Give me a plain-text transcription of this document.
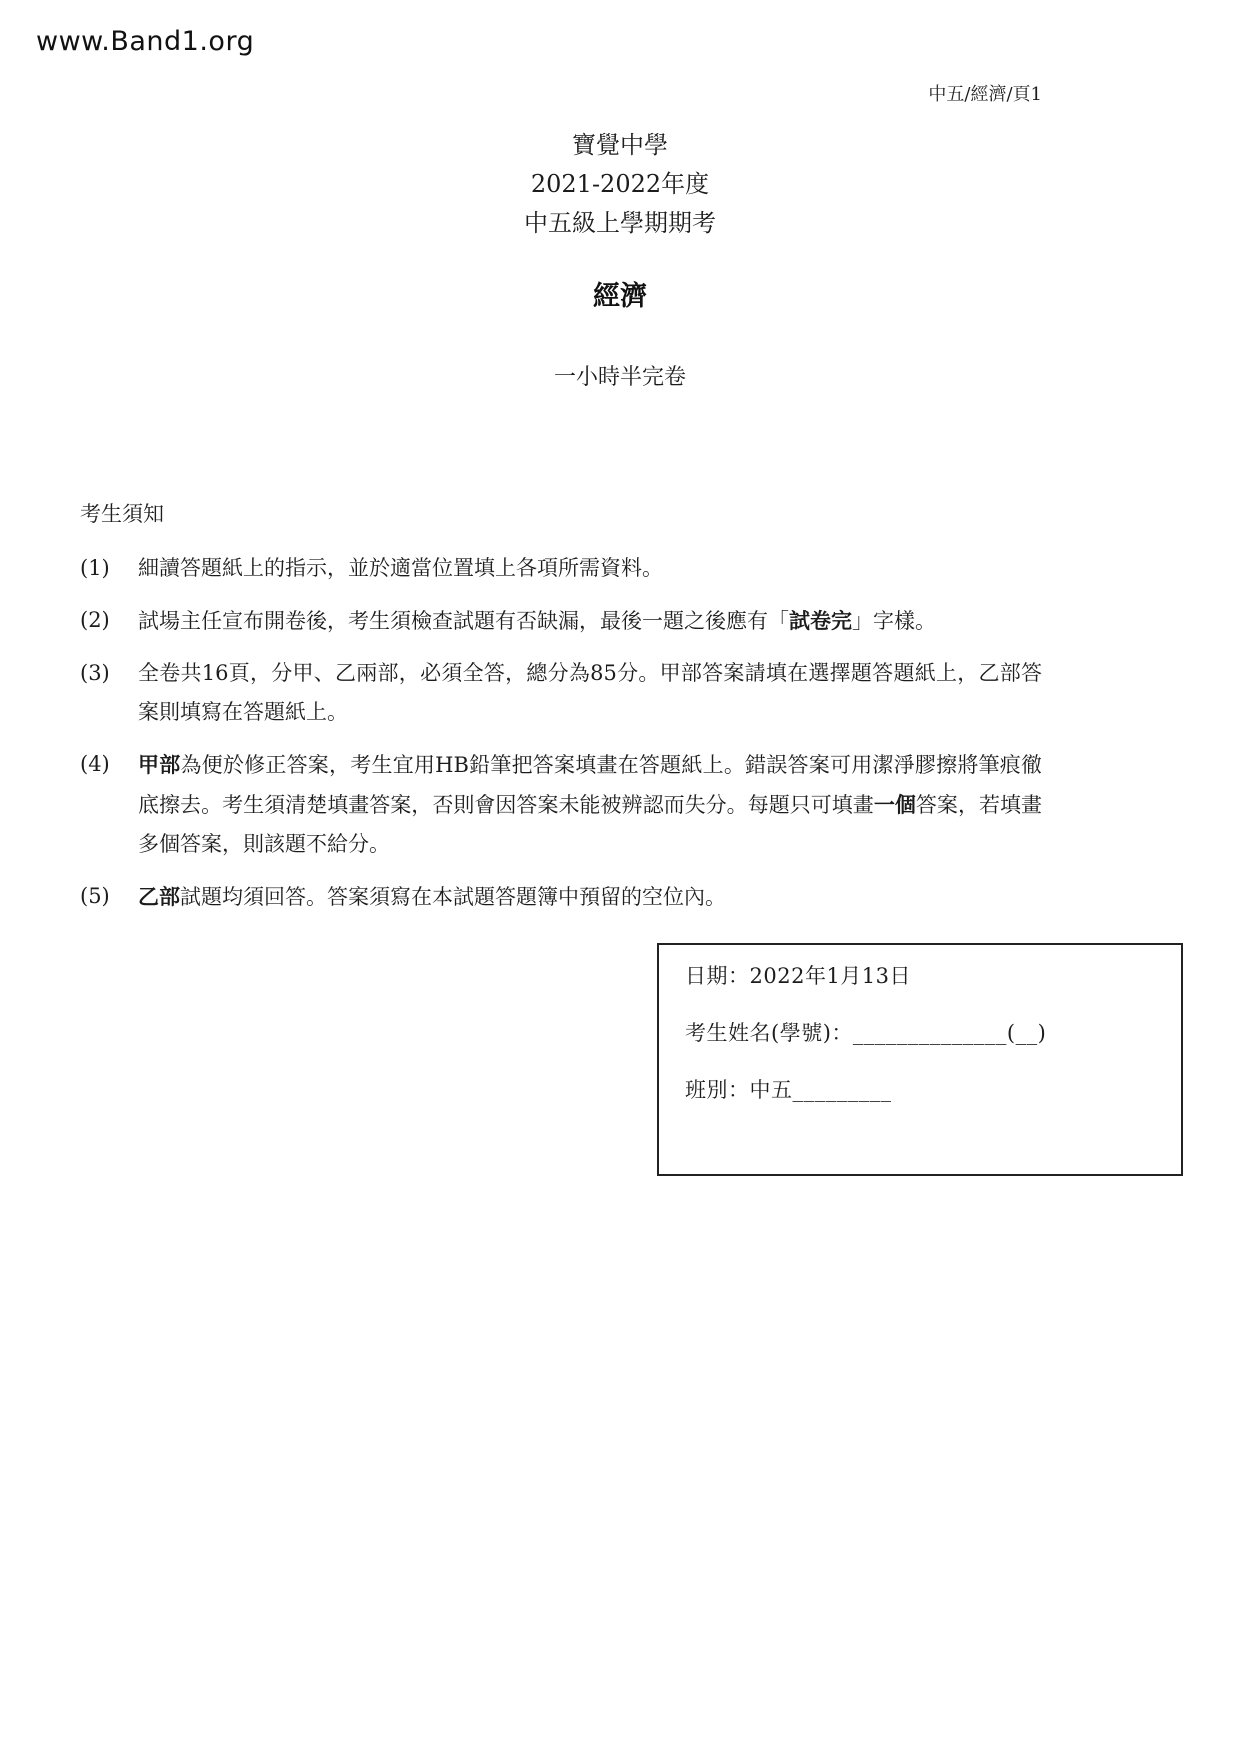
www.Band1.org
中五/經濟/頁1
寶覺中學
2021-2022年度
中五級上學期期考
經濟
一小時半完卷
考生須知
(1)	細讀答題紙上的指示，並於適當位置填上各項所需資料。
(2)	試場主任宣布開卷後，考生須檢查試題有否缺漏，最後一題之後應有「試卷完」字樣。
(3)	全卷共16頁，分甲、乙兩部，必須全答，總分為85分。甲部答案請填在選擇題答題紙上，乙部答案則填寫在答題紙上。
(4)	甲部為便於修正答案，考生宜用HB鉛筆把答案填畫在答題紙上。錯誤答案可用潔淨膠擦將筆痕徹底擦去。考生須清楚填畫答案，否則會因答案未能被辨認而失分。每題只可填畫一個答案，若填畫多個答案，則該題不給分。
(5)	乙部試題均須回答。答案須寫在本試題答題簿中預留的空位內。
日期：2022年1月13日
考生姓名(學號)：______________(__)
班別：中五_________
